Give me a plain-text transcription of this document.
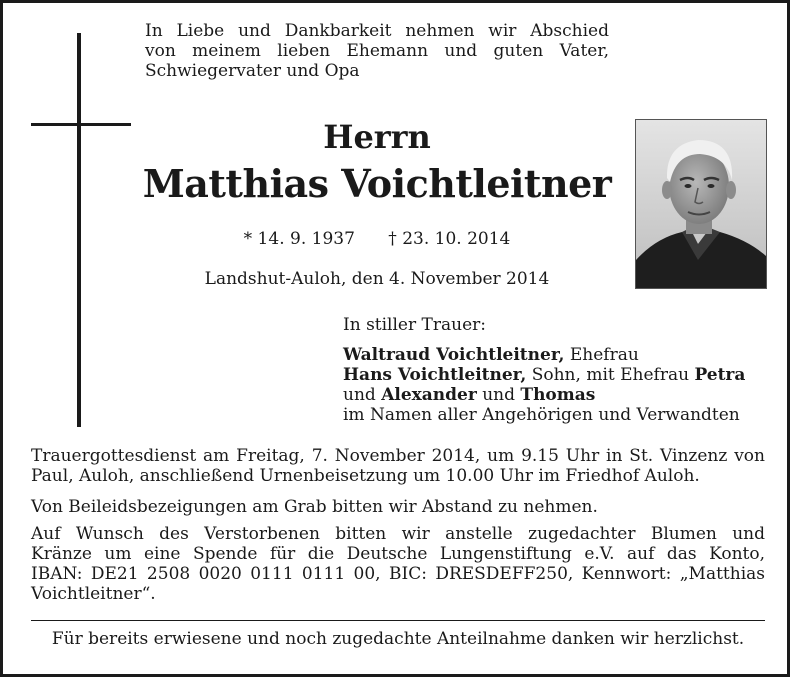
In Liebe und Dankbarkeit nehmen wir Abschied
von meinem lieben Ehemann und guten Vater,
Schwiegervater und Opa
Herrn
Matthias Voichtleitner
* 14. 9. 1937 † 23. 10. 2014
Landshut-Auloh, den 4. November 2014
In stiller Trauer:
Waltraud Voichtleitner, Ehefrau
Hans Voichtleitner, Sohn, mit Ehefrau Petra
und Alexander und Thomas
im Namen aller Angehörigen und Verwandten
Trauergottesdienst am Freitag, 7. November 2014, um 9.15 Uhr in St. Vinzenz von
Paul, Auloh, anschließend Urnenbeisetzung um 10.00 Uhr im Friedhof Auloh.
Von Beileidsbezeigungen am Grab bitten wir Abstand zu nehmen.
Auf Wunsch des Verstorbenen bitten wir anstelle zugedachter Blumen und
Kränze um eine Spende für die Deutsche Lungenstiftung e.V. auf das Konto,
IBAN: DE21 2508 0020 0111 0111 00, BIC: DRESDEFF250, Kennwort: „Matthias
Voichtleitner“.
Für bereits erwiesene und noch zugedachte Anteilnahme danken wir herzlichst.
